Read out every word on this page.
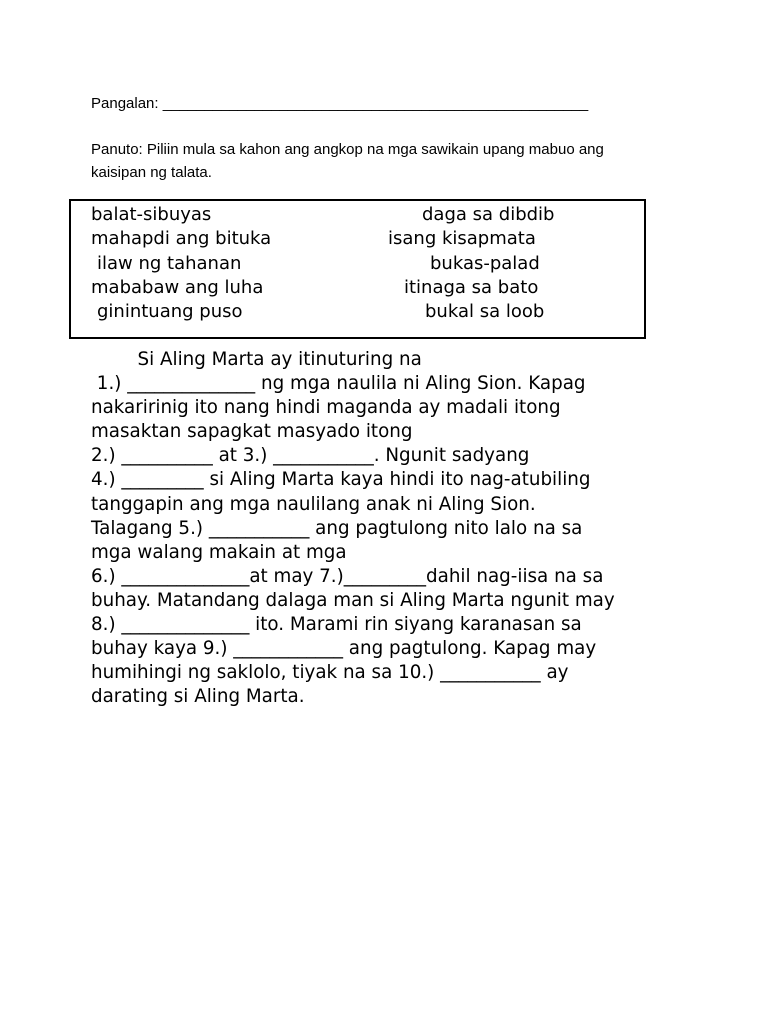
Pangalan: ___________________________________________________
Panuto: Piliin mula sa kahon ang angkop na mga sawikain upang mabuo ang kaisipan ng talata.
balat-sibuyas
mahapdi ang bituka
ilaw ng tahanan
mababaw ang luha
ginintuang puso
daga sa dibdib
isang kisapmata
bukas-palad
itinaga sa bato
bukal sa loob
Si Aling Marta ay itinuturing na
1.) ______________ ng mga naulila ni Aling Sion. Kapag
nakaririnig ito nang hindi maganda ay madali itong
masaktan sapagkat masyado itong
2.) __________ at 3.) ___________. Ngunit sadyang
4.) _________ si Aling Marta kaya hindi ito nag-atubiling
tanggapin ang mga naulilang anak ni Aling Sion.
Talagang 5.) ___________ ang pagtulong nito lalo na sa
mga walang makain at mga
6.) ______________at may 7.)_________dahil nag-iisa na sa
buhay. Matandang dalaga man si Aling Marta ngunit may
8.) ______________ ito. Marami rin siyang karanasan sa
buhay kaya 9.) ____________ ang pagtulong. Kapag may
humihingi ng saklolo, tiyak na sa 10.) ___________ ay
darating si Aling Marta.
